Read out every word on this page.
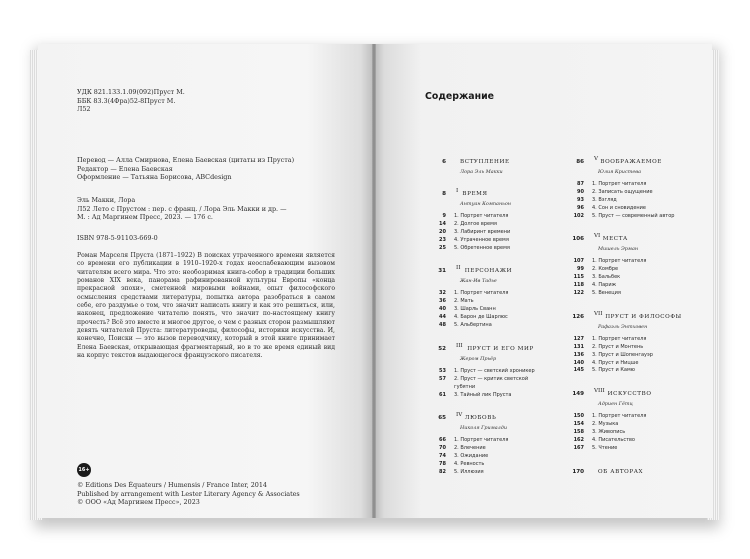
УДК 821.133.1.09(092)Пруст М.
ББК 83.3(4Фра)52-8Пруст М.
Л52
Перевод — Алла Смирнова, Елена Баевская (цитаты из Пруста)
Редактор — Елена Баевская
Оформление — Татьяна Борисова, ABCdesign
Эль Макки, Лора
Л52 Лето с Прустом : пер. с франц. / Лора Эль Макки и др. —
М. : Ад Маргинем Пресс, 2023. — 176 с.
ISBN 978-5-91103-669-0

Роман Марселя Пруста (1871–1922) В поисках утраченного времени является со времени его публикации в 1910–1920-х годах неослабевающим вызовом читателям всего мира. Что это: необозримая книга-собор в традиции больших романов XIX века, панорама рафинированной культуры Европы «конца прекрасной эпохи», сметенной мировыми войнами, опыт философского осмысления средствами литературы, попытка автора разобраться в самом себе, его раздумье о том, что значит написать книгу и как это решиться, или, наконец, предложение читателю понять, что значит по-настоящему книгу прочесть? Всё это вместе и многое другое, о чем с разных сторон размышляют девять читателей Пруста: литературоведы, философы, историки искусства. И, конечно, Поиски — это вызов переводчику, который в этой книге принимает Елена Баевская, открывающая фрагментарный, но в то же время единый вид на корпус текстов выдающегося французского писателя.

16+
© Editions Des Équateurs / Humensis / France Inter, 2014
Published by arrangement with Lester Literary Agency & Associates
© ООО «Ад Маргинем Пресс», 2023
Содержание
6	ВСТУПЛЕНИЕ
Лора Эль Макки
8 I ВРЕМЯ
Антуан Компаньон
9 1. Портрет читателя
14 2. Долгое время
20 3. Лабиринт времени
23 4. Утраченное время
25 5. Обретенное время
31 II ПЕРСОНАЖИ
Жан-Ив Тадье
32 1. Портрет читателя
36 2. Мать
40 3. Шарль Сванн
44 4. Барон де Шарлюс
48 5. Альбертина
52 III ПРУСТ И ЕГО МИР
Жером Прьёр
53 1. Пруст — светский хроникер
57 2. Пруст — критик светской
губятни
61 3. Тайный лик Пруста
65 IV ЛЮБОВЬ
Николя Грималди
66 1. Портрет читателя
70 2. Влечение
74 3. Ожидание
78 4. Ревность
82 5. Иллюзия
86 V ВООБРАЖАЕМОЕ
Юлия Кристева
87 1. Портрет читателя
90 2. Записать ощущение
93 3. Взгляд
96 4. Сон и сновидение
102 5. Пруст — современный автор
106 VI МЕСТА
Мишель Эрман
107 1. Портрет читателя
99 2. Комбре
115 3. Бальбек
118 4. Париж
122 5. Венеция
126 VII ПРУСТ И ФИЛОСОФЫ
Рафаэль Энтховен
127 1. Портрет читателя
131 2. Пруст и Монтень
136 3. Пруст и Шопенгауэр
140 4. Пруст и Ницше
145 5. Пруст и Камю
149 VIII ИСКУССТВО
Адриен Гётц
150 1. Портрет читателя
154 2. Музыка
158 3. Живопись
162 4. Писательство
167 5. Чтение
170	ОБ АВТОРАХ
